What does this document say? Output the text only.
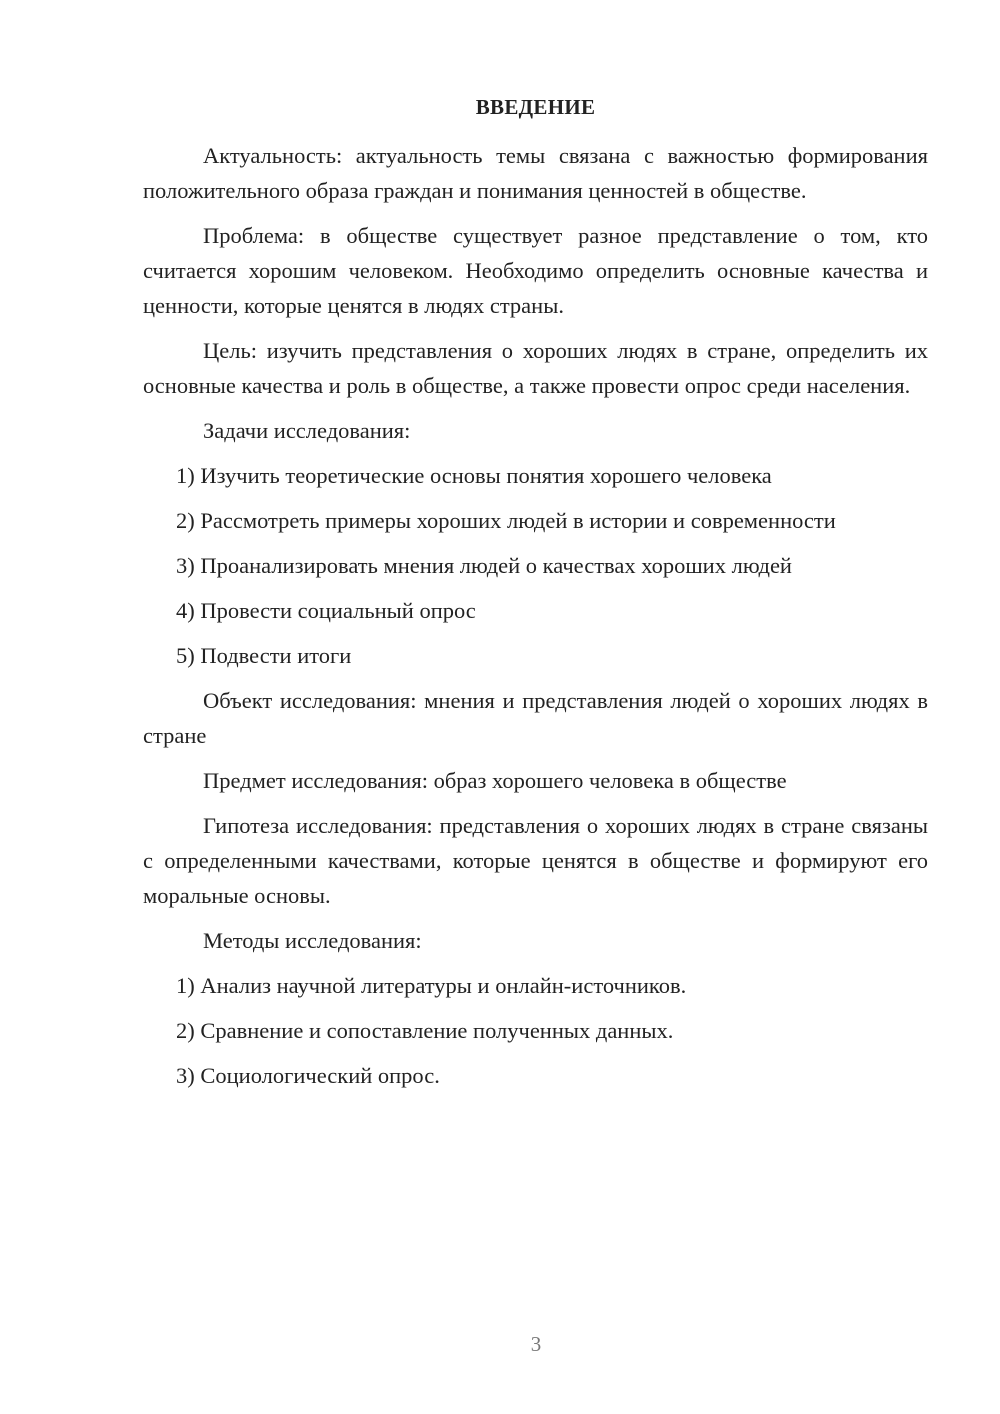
ВВЕДЕНИЕ

Актуальность: актуальность темы связана с важностью формирования положительного образа граждан и понимания ценностей в обществе.

Проблема: в обществе существует разное представление о том, кто считается хорошим человеком. Необходимо определить основные качества и ценности, которые ценятся в людях страны.

Цель: изучить представления о хороших людях в стране, определить их основные качества и роль в обществе, а также провести опрос среди населения.

Задачи исследования:

1) Изучить теоретические основы понятия хорошего человека
2) Рассмотреть примеры хороших людей в истории и современности
3) Проанализировать мнения людей о качествах хороших людей
4) Провести социальный опрос
5) Подвести итоги

Объект исследования: мнения и представления людей о хороших людях в стране

Предмет исследования: образ хорошего человека в обществе

Гипотеза исследования: представления о хороших людях в стране связаны с определенными качествами, которые ценятся в обществе и формируют его моральные основы.

Методы исследования:

1) Анализ научной литературы и онлайн-источников.
2) Сравнение и сопоставление полученных данных.
3) Социологический опрос.
3
